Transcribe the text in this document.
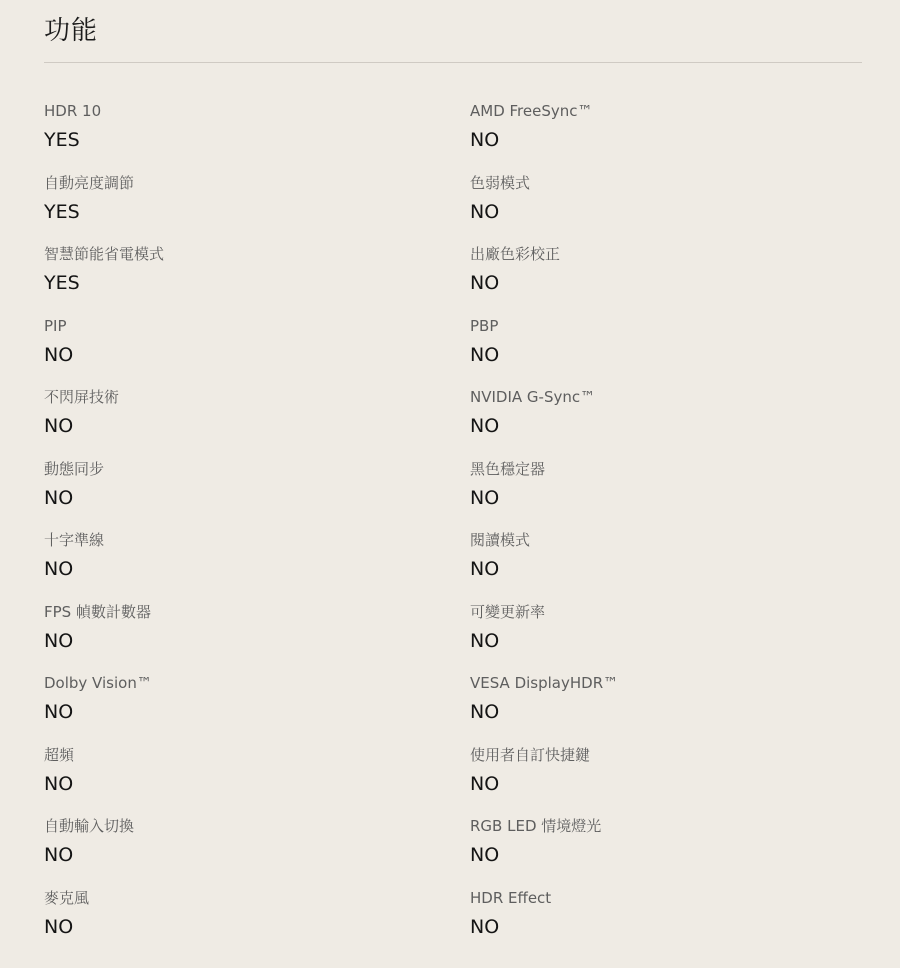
功能
HDR 10
YES
AMD FreeSync™
NO
自動亮度調節
YES
色弱模式
NO
智慧節能省電模式
YES
出廠色彩校正
NO
PIP
NO
PBP
NO
不閃屏技術
NO
NVIDIA G-Sync™
NO
動態同步
NO
黑色穩定器
NO
十字準線
NO
閱讀模式
NO
FPS 幀數計數器
NO
可變更新率
NO
Dolby Vision™
NO
VESA DisplayHDR™
NO
超頻
NO
使用者自訂快捷鍵
NO
自動輸入切換
NO
RGB LED 情境燈光
NO
麥克風
NO
HDR Effect
NO
